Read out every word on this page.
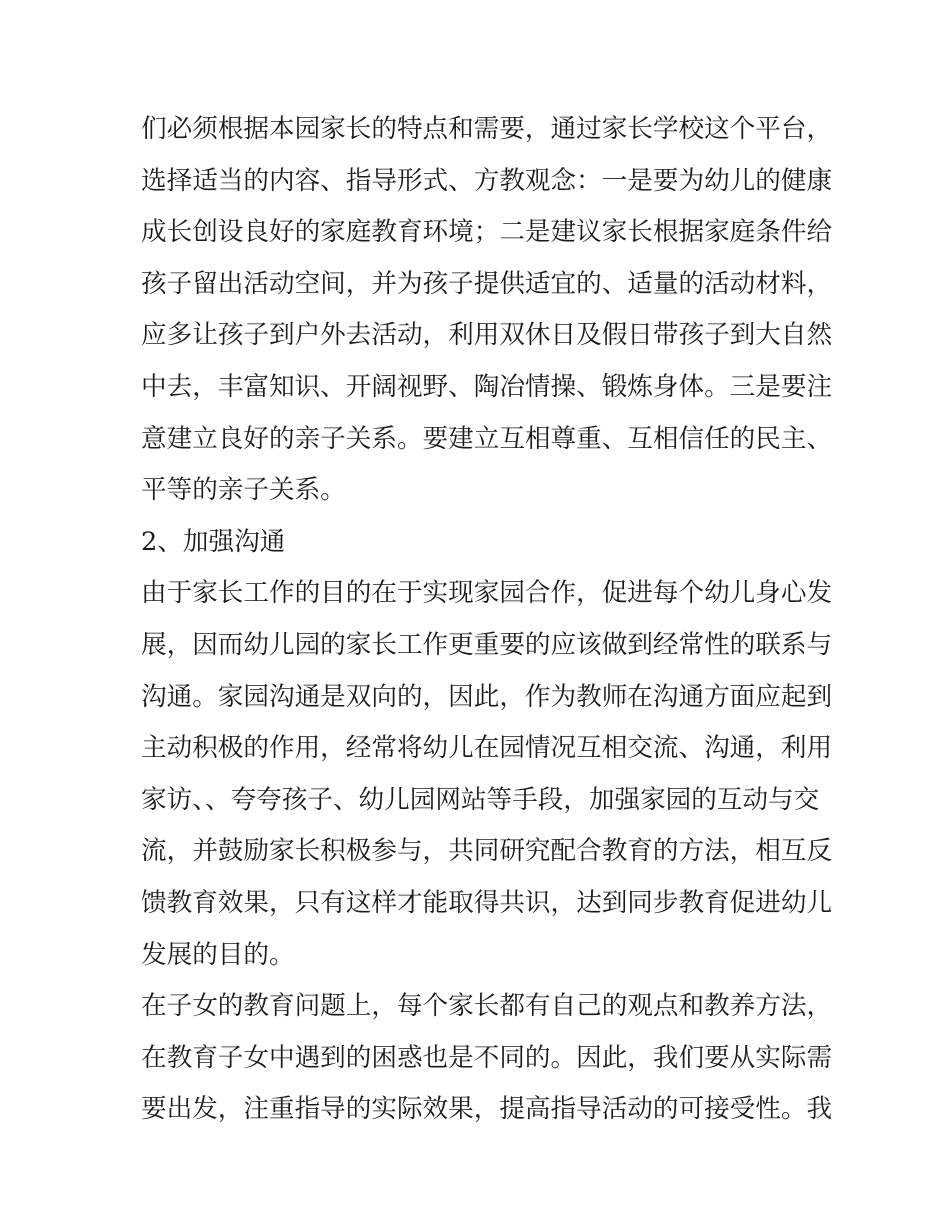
们必须根据本园家长的特点和需要，通过家长学校这个平台，
选择适当的内容、指导形式、方教观念：一是要为幼儿的健康
成长创设良好的家庭教育环境；二是建议家长根据家庭条件给
孩子留出活动空间，并为孩子提供适宜的、适量的活动材料，
应多让孩子到户外去活动，利用双休日及假日带孩子到大自然
中去，丰富知识、开阔视野、陶冶情操、锻炼身体。三是要注
意建立良好的亲子关系。要建立互相尊重、互相信任的民主、
平等的亲子关系。
2、加强沟通
由于家长工作的目的在于实现家园合作，促进每个幼儿身心发
展，因而幼儿园的家长工作更重要的应该做到经常性的联系与
沟通。家园沟通是双向的，因此，作为教师在沟通方面应起到
主动积极的作用，经常将幼儿在园情况互相交流、沟通，利用
家访、、夸夸孩子、幼儿园网站等手段，加强家园的互动与交
流，并鼓励家长积极参与，共同研究配合教育的方法，相互反
馈教育效果，只有这样才能取得共识，达到同步教育促进幼儿
发展的目的。
在子女的教育问题上，每个家长都有自己的观点和教养方法，
在教育子女中遇到的困惑也是不同的。因此，我们要从实际需
要出发，注重指导的实际效果，提高指导活动的可接受性。我
